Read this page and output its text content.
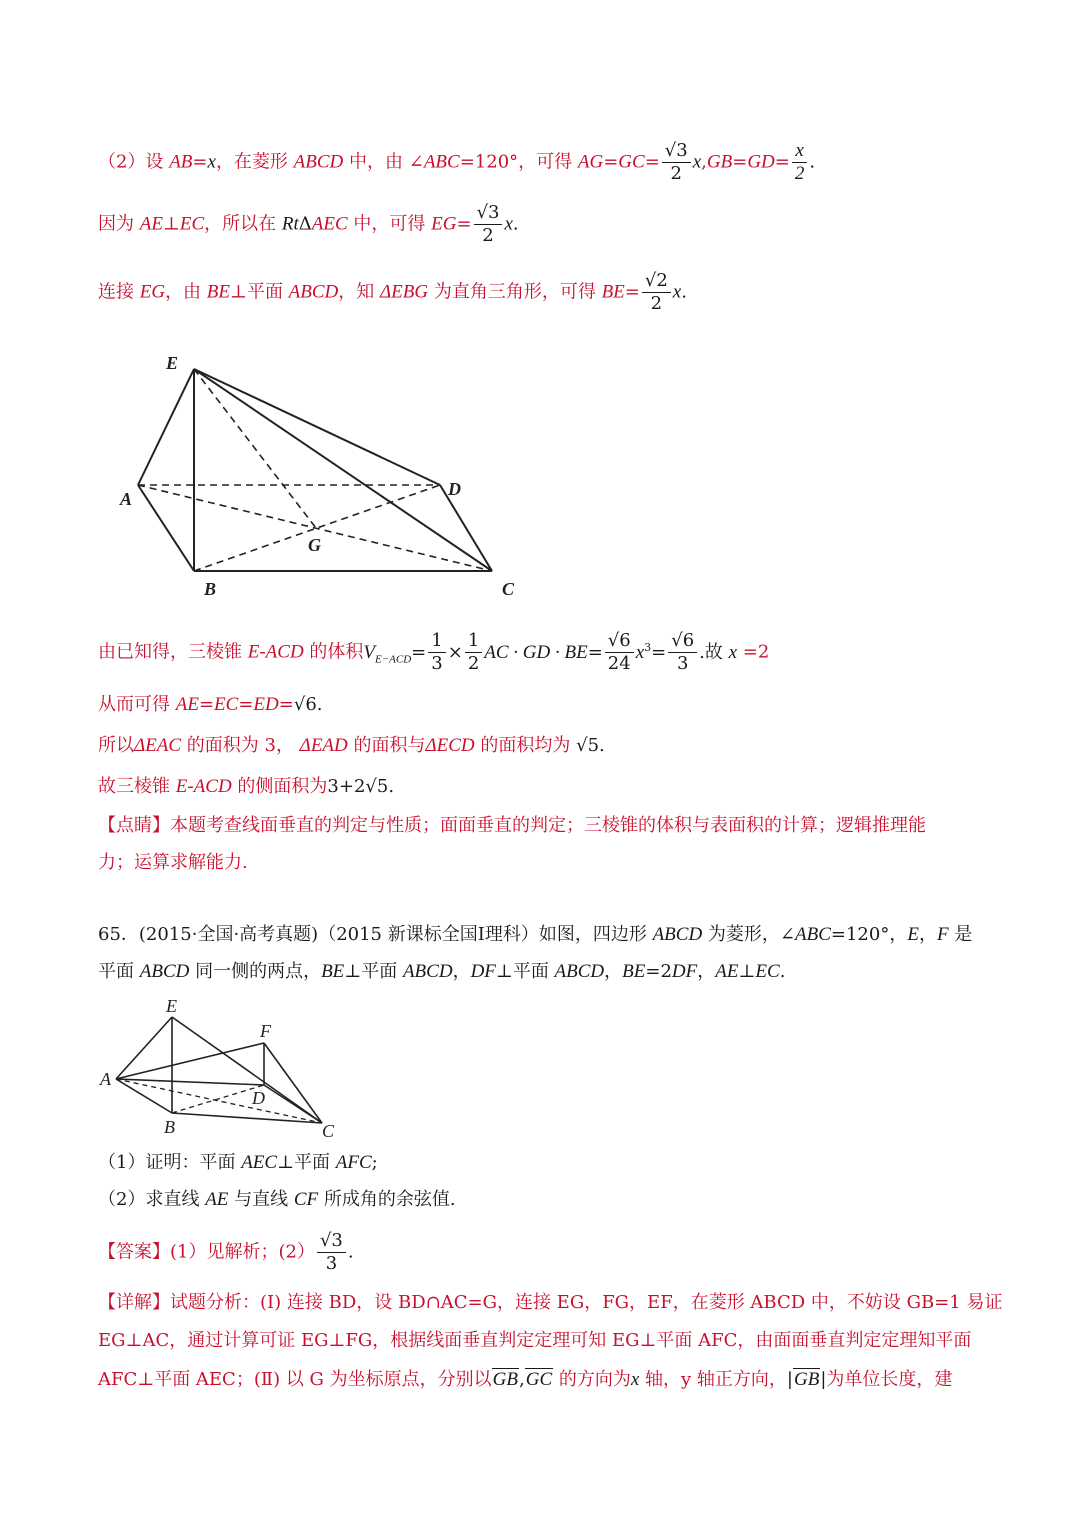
（2）设 AB=x，在菱形 ABCD 中，由 ∠ABC=120°，可得 $AG=GC= \frac{√3}{2} x,GB=GD= \frac{x}{2}$ .
因为 AE⊥EC，所以在 RtΔAEC 中，可得 $EG= \frac{√3}{2} x$.
连接 EG，由 BE⊥平面 ABCD，知 ΔEBG 为直角三角形，可得 $BE= \frac{√2}{2} x$.
E
A	D
G
B	C
由已知得，三棱锥 E-ACD 的体积$V_{E-ACD}= \frac{1}{3} \times \frac{1}{2}$ AC · GD · $BE= \frac{√6}{24} x^3= \frac{√6}{3}$ .故 x =2
从而可得 AE=EC=ED=√6.
所以ΔEAC 的面积为 3， ΔEAD 的面积与ΔECD 的面积均为 √5.
故三棱锥 E-ACD 的侧面积为3+2√5.
【点睛】本题考查线面垂直的判定与性质；面面垂直的判定；三棱锥的体积与表面积的计算；逻辑推理能
力；运算求解能力.
65．(2015·全国·高考真题)（2015 新课标全国Ⅰ理科）如图，四边形 ABCD 为菱形，∠ABC=120°，E，F 是
平面 ABCD 同一侧的两点，BE⊥平面 ABCD，DF⊥平面 ABCD，BE=2DF，AE⊥EC.
E
F
A
D
B	C
（1）证明：平面 AEC⊥平面 AFC;
（2）求直线 AE 与直线 CF 所成角的余弦值.
【答案】(1）见解析；$(2) \frac{√3}{3}$ .
【详解】试题分析：(Ⅰ) 连接 BD，设 BD∩AC=G，连接 EG，FG，EF，在菱形 ABCD 中，不妨设 GB=1 易证
EG⊥AC，通过计算可证 EG⊥FG，根据线面垂直判定定理可知 EG⊥平面 AFC，由面面垂直判定定理知平面
AFC⊥平面 AEC；(Ⅱ) 以 G 为坐标原点，分别以GB,GC 的方向为x 轴，y 轴正方向，|GB|为单位长度，建
